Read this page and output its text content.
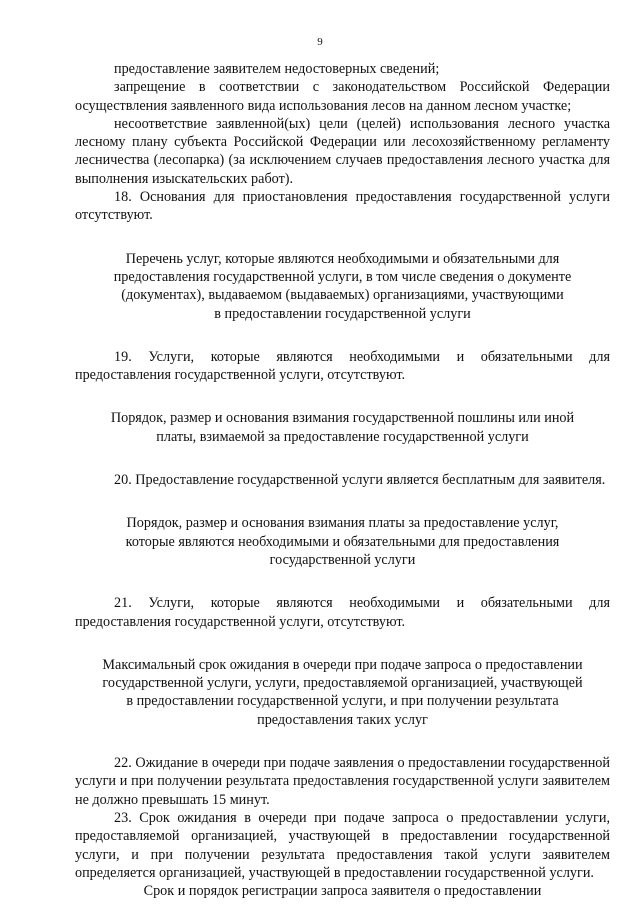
9

предоставление заявителем недостоверных сведений;

запрещение в соответствии с законодательством Российской Федерации осуществления заявленного вида использования лесов на данном лесном участке;

несоответствие заявленной(ых) цели (целей) использования лесного участка лесному плану субъекта Российской Федерации или лесохозяйственному регламенту лесничества (лесопарка) (за исключением случаев предоставления лесного участка для выполнения изыскательских работ).

18. Основания для приостановления предоставления государственной услуги отсутствуют.

Перечень услуг, которые являются необходимыми и обязательными для
предоставления государственной услуги, в том числе сведения о документе
(документах), выдаваемом (выдаваемых) организациями, участвующими
в предоставлении государственной услуги

19. Услуги, которые являются необходимыми и обязательными для предоставления государственной услуги, отсутствуют.

Порядок, размер и основания взимания государственной пошлины или иной
платы, взимаемой за предоставление государственной услуги

20. Предоставление государственной услуги является бесплатным для заявителя.

Порядок, размер и основания взимания платы за предоставление услуг,
которые являются необходимыми и обязательными для предоставления
государственной услуги

21. Услуги, которые являются необходимыми и обязательными для предоставления государственной услуги, отсутствуют.

Максимальный срок ожидания в очереди при подаче запроса о предоставлении
государственной услуги, услуги, предоставляемой организацией, участвующей
в предоставлении государственной услуги, и при получении результата
предоставления таких услуг

22. Ожидание в очереди при подаче заявления о предоставлении государственной услуги и при получении результата предоставления государственной услуги заявителем не должно превышать 15 минут.

23. Срок ожидания в очереди при подаче запроса о предоставлении услуги, предоставляемой организацией, участвующей в предоставлении государственной услуги, и при получении результата предоставления такой услуги заявителем определяется организацией, участвующей в предоставлении государственной услуги.

Срок и порядок регистрации запроса заявителя о предоставлении
